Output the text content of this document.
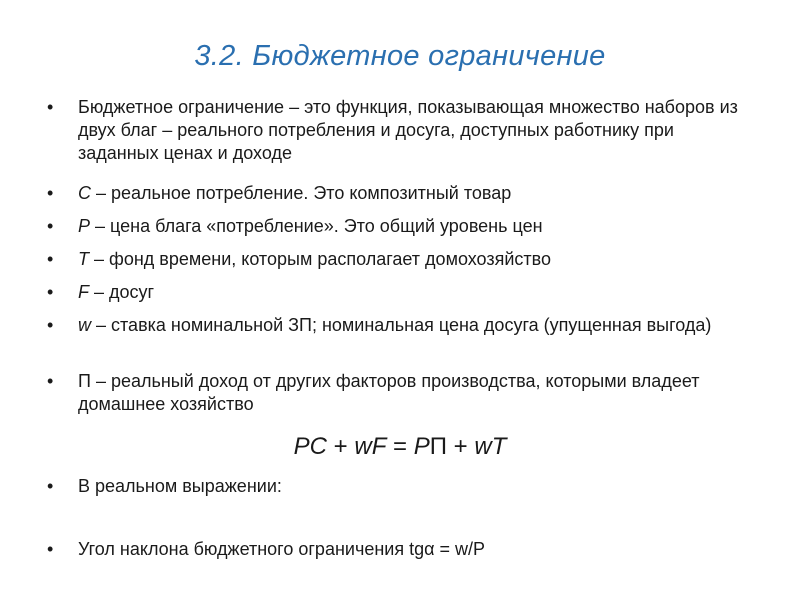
3.2. Бюджетное ограничение
• Бюджетное ограничение – это функция, показывающая множество наборов из двух благ – реального потребления и досуга, доступных работнику при заданных ценах и доходе
• C – реальное потребление. Это композитный товар
• P – цена блага «потребление». Это общий уровень цен
• T – фонд времени, которым располагает домохозяйство
• F – досуг
• w – ставка номинальной ЗП; номинальная цена досуга (упущенная выгода)
• П – реальный доход от других факторов производства, которыми владеет домашнее хозяйство
• В реальном выражении:
• Угол наклона бюджетного ограничения tgα = w/P
PC + wF = PП + wT
